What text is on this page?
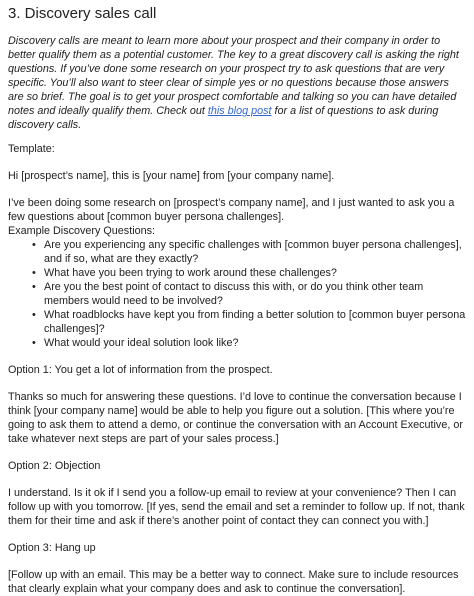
3. Discovery sales call

Discovery calls are meant to learn more about your prospect and their company in order to better qualify them as a potential customer. The key to a great discovery call is asking the right questions. If you’ve done some research on your prospect try to ask questions that are very specific. You’ll also want to steer clear of simple yes or no questions because those answers are so brief. The goal is to get your prospect comfortable and talking so you can have detailed notes and ideally qualify them. Check out this blog post for a list of questions to ask during discovery calls.

Template:

Hi [prospect’s name], this is [your name] from [your company name].

I’ve been doing some research on [prospect’s company name], and I just wanted to ask you a few questions about [common buyer persona challenges].

Example Discovery Questions:

• Are you experiencing any specific challenges with [common buyer persona challenges], and if so, what are they exactly?
• What have you been trying to work around these challenges?
• Are you the best point of contact to discuss this with, or do you think other team members would need to be involved?
• What roadblocks have kept you from finding a better solution to [common buyer persona challenges]?
• What would your ideal solution look like?

Option 1: You get a lot of information from the prospect.

Thanks so much for answering these questions. I’d love to continue the conversation because I think [your company name] would be able to help you figure out a solution. [This where you’re going to ask them to attend a demo, or continue the conversation with an Account Executive, or take whatever next steps are part of your sales process.]

Option 2: Objection

I understand. Is it ok if I send you a follow-up email to review at your convenience? Then I can follow up with you tomorrow. [If yes, send the email and set a reminder to follow up. If not, thank them for their time and ask if there’s another point of contact they can connect you with.]

Option 3: Hang up

[Follow up with an email. This may be a better way to connect. Make sure to include resources that clearly explain what your company does and ask to continue the conversation].
